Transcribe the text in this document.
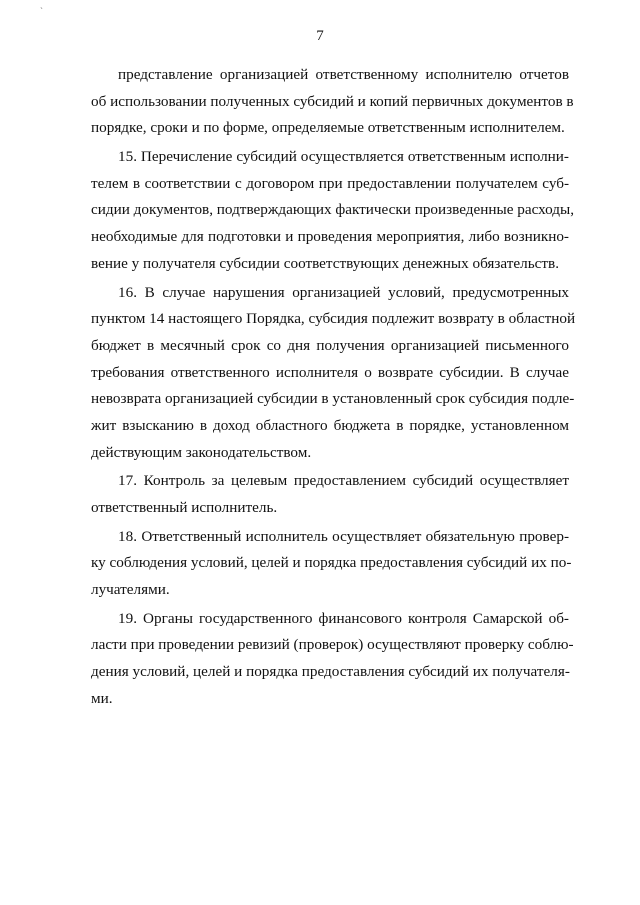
`
7
представление организацией ответственному исполнителю отчетов
об использовании полученных субсидий и копий первичных документов в
порядке, сроки и по форме, определяемые ответственным исполнителем.
15. Перечисление субсидий осуществляется ответственным исполни-
телем в соответствии с договором при предоставлении получателем суб-
сидии документов, подтверждающих фактически произведенные расходы,
необходимые для подготовки и проведения мероприятия, либо возникно-
вение у получателя субсидии соответствующих денежных обязательств.
16. В случае нарушения организацией условий, предусмотренных
пунктом 14 настоящего Порядка, субсидия подлежит возврату в областной
бюджет в месячный срок со дня получения организацией письменного
требования ответственного исполнителя о возврате субсидии. В случае
невозврата организацией субсидии в установленный срок субсидия подле-
жит взысканию в доход областного бюджета в порядке, установленном
действующим законодательством.
17. Контроль за целевым предоставлением субсидий осуществляет
ответственный исполнитель.
18. Ответственный исполнитель осуществляет обязательную провер-
ку соблюдения условий, целей и порядка предоставления субсидий их по-
лучателями.
19. Органы государственного финансового контроля Самарской об-
ласти при проведении ревизий (проверок) осуществляют проверку соблю-
дения условий, целей и порядка предоставления субсидий их получателя-
ми.
